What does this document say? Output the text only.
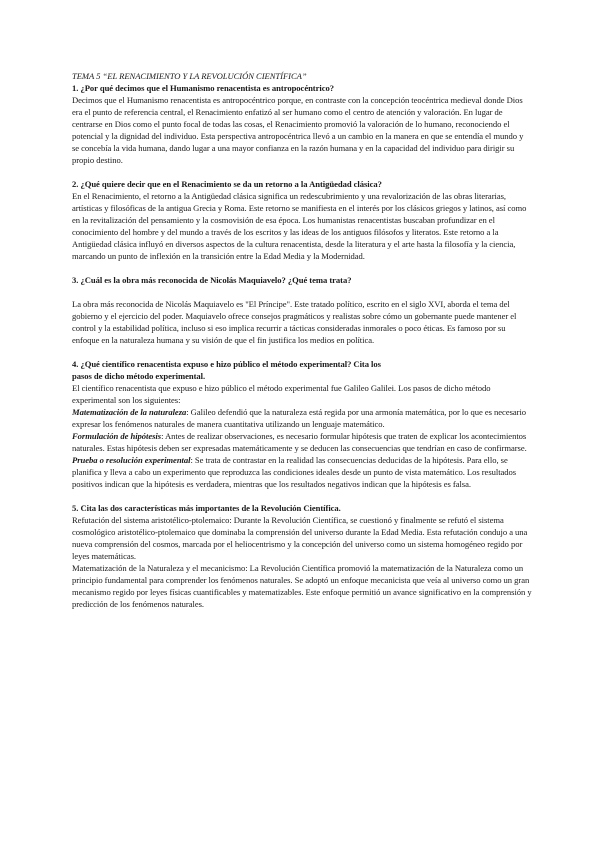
TEMA 5 “EL RENACIMIENTO Y LA REVOLUCIÓN CIENTÍFICA”

1. ¿Por qué decimos que el Humanismo renacentista es antropocéntrico?

Decimos que el Humanismo renacentista es antropocéntrico porque, en contraste con la concepción teocéntrica medieval donde Dios era el punto de referencia central, el Renacimiento enfatizó al ser humano como el centro de atención y valoración. En lugar de centrarse en Dios como el punto focal de todas las cosas, el Renacimiento promovió la valoración de lo humano, reconociendo el potencial y la dignidad del individuo. Esta perspectiva antropocéntrica llevó a un cambio en la manera en que se entendía el mundo y se concebía la vida humana, dando lugar a una mayor confianza en la razón humana y en la capacidad del individuo para dirigir su propio destino.

2. ¿Qué quiere decir que en el Renacimiento se da un retorno a la Antigüedad clásica?

En el Renacimiento, el retorno a la Antigüedad clásica significa un redescubrimiento y una revalorización de las obras literarias, artísticas y filosóficas de la antigua Grecia y Roma. Este retorno se manifiesta en el interés por los clásicos griegos y latinos, así como en la revitalización del pensamiento y la cosmovisión de esa época. Los humanistas renacentistas buscaban profundizar en el conocimiento del hombre y del mundo a través de los escritos y las ideas de los antiguos filósofos y literatos. Este retorno a la Antigüedad clásica influyó en diversos aspectos de la cultura renacentista, desde la literatura y el arte hasta la filosofía y la ciencia, marcando un punto de inflexión en la transición entre la Edad Media y la Modernidad.

3. ¿Cuál es la obra más reconocida de Nicolás Maquiavelo? ¿Qué tema trata?

La obra más reconocida de Nicolás Maquiavelo es "El Príncipe". Este tratado político, escrito en el siglo XVI, aborda el tema del gobierno y el ejercicio del poder. Maquiavelo ofrece consejos pragmáticos y realistas sobre cómo un gobernante puede mantener el control y la estabilidad política, incluso si eso implica recurrir a tácticas consideradas inmorales o poco éticas. Es famoso por su enfoque en la naturaleza humana y su visión de que el fin justifica los medios en política.

4. ¿Qué científico renacentista expuso e hizo público el método experimental? Cita los

pasos de dicho método experimental.

El científico renacentista que expuso e hizo público el método experimental fue Galileo Galilei. Los pasos de dicho método experimental son los siguientes:

Matematización de la naturaleza: Galileo defendió que la naturaleza está regida por una armonía matemática, por lo que es necesario expresar los fenómenos naturales de manera cuantitativa utilizando un lenguaje matemático.

Formulación de hipótesis: Antes de realizar observaciones, es necesario formular hipótesis que traten de explicar los acontecimientos naturales. Estas hipótesis deben ser expresadas matemáticamente y se deducen las consecuencias que tendrían en caso de confirmarse.

Prueba o resolución experimental: Se trata de contrastar en la realidad las consecuencias deducidas de la hipótesis. Para ello, se planifica y lleva a cabo un experimento que reproduzca las condiciones ideales desde un punto de vista matemático. Los resultados positivos indican que la hipótesis es verdadera, mientras que los resultados negativos indican que la hipótesis es falsa.

5. Cita las dos características más importantes de la Revolución Científica.

Refutación del sistema aristotélico-ptolemaico: Durante la Revolución Científica, se cuestionó y finalmente se refutó el sistema cosmológico aristotélico-ptolemaico que dominaba la comprensión del universo durante la Edad Media. Esta refutación condujo a una nueva comprensión del cosmos, marcada por el heliocentrismo y la concepción del universo como un sistema homogéneo regido por leyes matemáticas.

Matematización de la Naturaleza y el mecanicismo: La Revolución Científica promovió la matematización de la Naturaleza como un principio fundamental para comprender los fenómenos naturales. Se adoptó un enfoque mecanicista que veía al universo como un gran mecanismo regido por leyes físicas cuantificables y matematizables. Este enfoque permitió un avance significativo en la comprensión y predicción de los fenómenos naturales.
